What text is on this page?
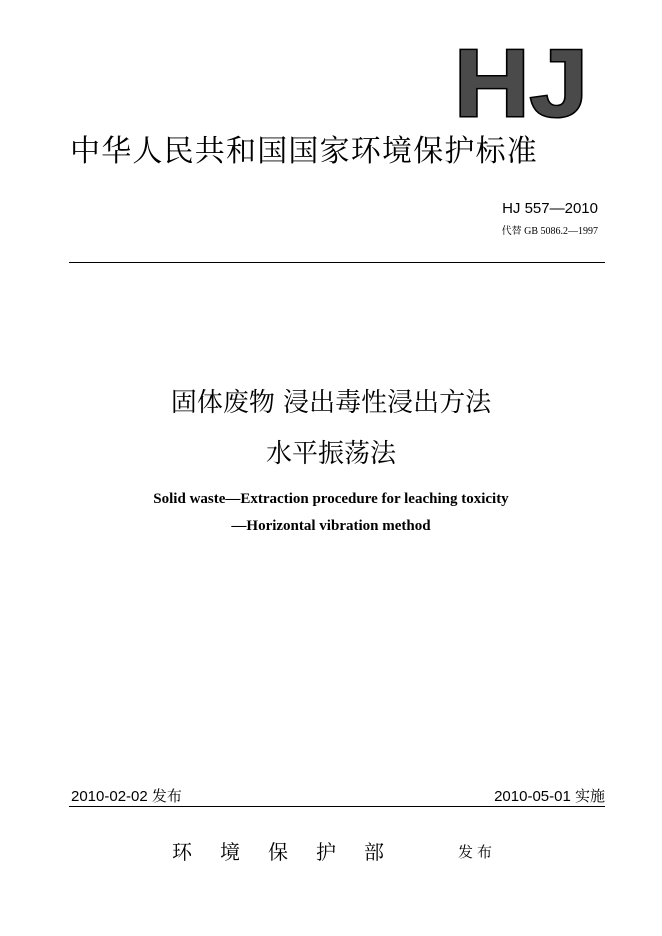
HJ
中华人民共和国国家环境保护标准
HJ 557—2010
代替 GB 5086.2—1997
固体废物 浸出毒性浸出方法
水平振荡法
Solid waste—Extraction procedure for leaching toxicity
—Horizontal vibration method
2010-02-02 发布	2010-05-01 实施
环境保护部	发布
